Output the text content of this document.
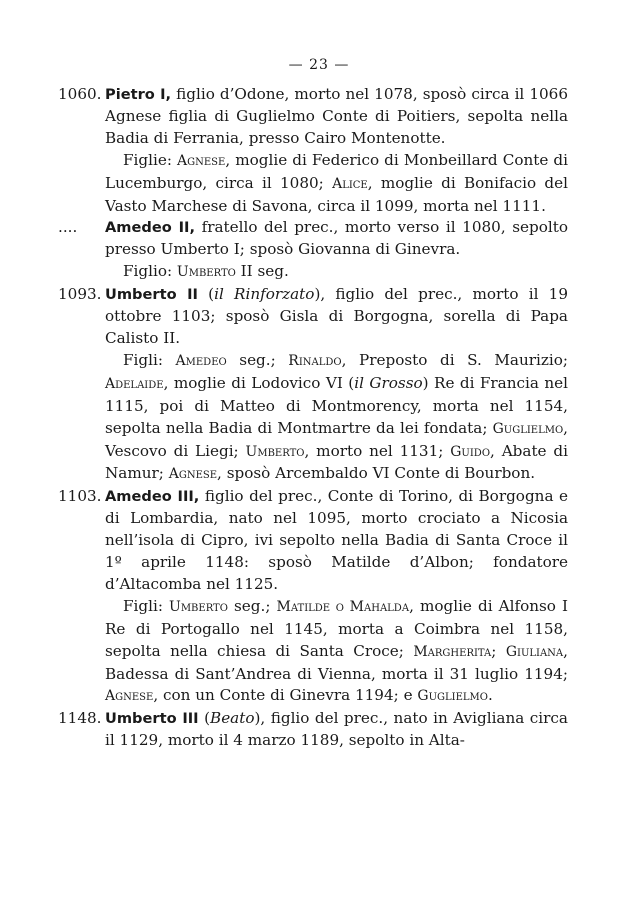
— 23 —
1060. Pietro I, figlio d’Odone, morto nel 1078, sposò circa il 1066 Agnese figlia di Guglielmo Conte di Poitiers, sepolta nella Badia di Ferrania, presso Cairo Montenotte.
Figlie: Agnese, moglie di Federico di Monbeillard Conte di Lucemburgo, circa il 1080; Alice, moglie di Bonifacio del Vasto Marchese di Savona, circa il 1099, morta nel 1111.
....	Amedeo II, fratello del prec., morto verso il 1080, sepolto presso Umberto I; sposò Giovanna di Ginevra.
Figlio: Umberto II seg.
1093. Umberto II (il Rinforzato), figlio del prec., morto il 19 ottobre 1103; sposò Gisla di Borgogna, sorella di Papa Calisto II.
Figli: Amedeo seg.; Rinaldo, Preposto di S. Maurizio; Adelaide, moglie di Lodovico VI (il Grosso) Re di Francia nel 1115, poi di Matteo di Montmorency, morta nel 1154, sepolta nella Badia di Montmartre da lei fondata; Guglielmo, Vescovo di Liegi; Umberto, morto nel 1131; Guido, Abate di Namur; Agnese, sposò Arcembaldo VI Conte di Bourbon.
1103. Amedeo III, figlio del prec., Conte di Torino, di Borgogna e di Lombardia, nato nel 1095, morto crociato a Nicosia nell’isola di Cipro, ivi sepolto nella Badia di Santa Croce il 1º aprile 1148: sposò Matilde d’Albon; fondatore d’Altacomba nel 1125.
Figli: Umberto seg.; Matilde o Mahalda, moglie di Alfonso I Re di Portogallo nel 1145, morta a Coimbra nel 1158, sepolta nella chiesa di Santa Croce; Margherita; Giuliana, Badessa di Sant’Andrea di Vienna, morta il 31 luglio 1194; Agnese, con un Conte di Ginevra 1194; e Guglielmo.
1148. Umberto III (Beato), figlio del prec., nato in Avigliana circa il 1129, morto il 4 marzo 1189, sepolto in Alta-
